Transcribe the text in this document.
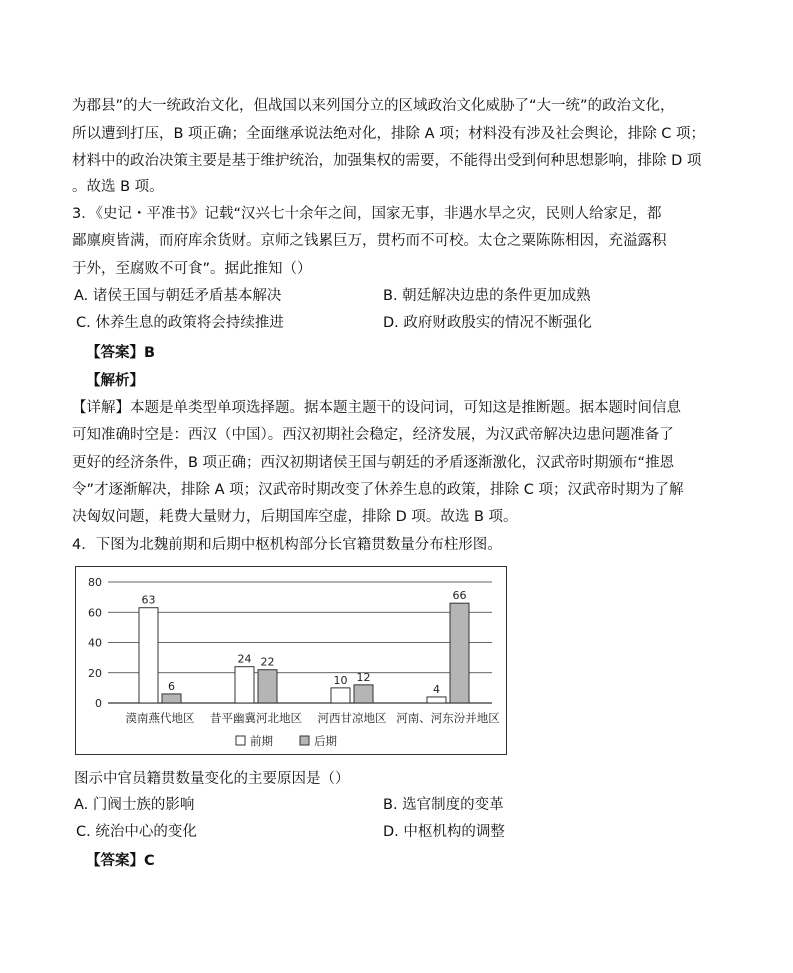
为郡县”的大一统政治文化，但战国以来列国分立的区域政治文化威胁了“大一统”的政治文化，
所以遭到打压，B 项正确；全面继承说法绝对化，排除 A 项；材料没有涉及社会舆论，排除 C 项；
材料中的政治决策主要是基于维护统治，加强集权的需要，不能得出受到何种思想影响，排除 D 项
。故选 B 项。
3．《史记・平准书》记载“汉兴七十余年之间，国家无事，非遇水旱之灾，民则人给家足，都
鄙廪庾皆满，而府库余货财。京师之钱累巨万，贯朽而不可校。太仓之粟陈陈相因，充溢露积
于外，至腐败不可食”。据此推知（）
A. 诸侯王国与朝廷矛盾基本解决	B. 朝廷解决边患的条件更加成熟
C. 休养生息的政策将会持续推进	D. 政府财政殷实的情况不断强化
【答案】B
【解析】
【详解】本题是单类型单项选择题。据本题主题干的设问词，可知这是推断题。据本题时间信息
可知准确时空是：西汉（中国）。西汉初期社会稳定，经济发展，为汉武帝解决边患问题准备了
更好的经济条件，B 项正确；西汉初期诸侯王国与朝廷的矛盾逐渐激化，汉武帝时期颁布“推恩
令”才逐渐解决，排除 A 项；汉武帝时期改变了休养生息的政策，排除 C 项；汉武帝时期为了解
决匈奴问题，耗费大量财力，后期国库空虚，排除 D 项。故选 B 项。
4．下图为北魏前期和后期中枢机构部分长官籍贯数量分布柱形图。
80
60
40
20
0
63
6
漠南燕代地区
24 22
昔平幽冀河北地区
10 12
河西甘凉地区
4
66
河南、河东汾并地区
前期	后期
图示中官员籍贯数量变化的主要原因是（）
A. 门阀士族的影响	B. 选官制度的变革
C. 统治中心的变化	D. 中枢机构的调整
【答案】C
